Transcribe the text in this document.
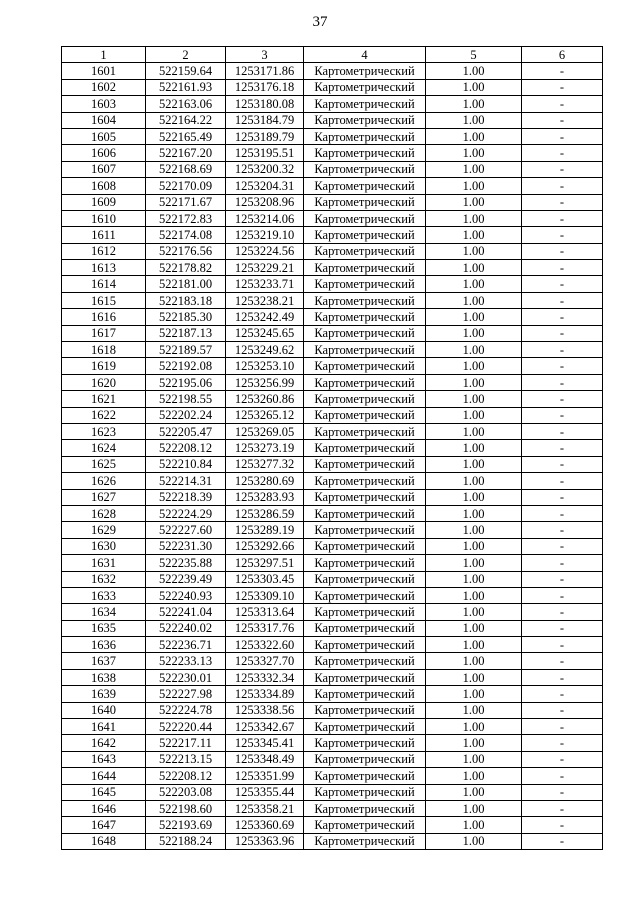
37
1	2	3	4	5	6
1601	522159.64	1253171.86	Картометрический	1.00	-
1602	522161.93	1253176.18	Картометрический	1.00	-
1603	522163.06	1253180.08	Картометрический	1.00	-
1604	522164.22	1253184.79	Картометрический	1.00	-
1605	522165.49	1253189.79	Картометрический	1.00	-
1606	522167.20	1253195.51	Картометрический	1.00	-
1607	522168.69	1253200.32	Картометрический	1.00	-
1608	522170.09	1253204.31	Картометрический	1.00	-
1609	522171.67	1253208.96	Картометрический	1.00	-
1610	522172.83	1253214.06	Картометрический	1.00	-
1611	522174.08	1253219.10	Картометрический	1.00	-
1612	522176.56	1253224.56	Картометрический	1.00	-
1613	522178.82	1253229.21	Картометрический	1.00	-
1614	522181.00	1253233.71	Картометрический	1.00	-
1615	522183.18	1253238.21	Картометрический	1.00	-
1616	522185.30	1253242.49	Картометрический	1.00	-
1617	522187.13	1253245.65	Картометрический	1.00	-
1618	522189.57	1253249.62	Картометрический	1.00	-
1619	522192.08	1253253.10	Картометрический	1.00	-
1620	522195.06	1253256.99	Картометрический	1.00	-
1621	522198.55	1253260.86	Картометрический	1.00	-
1622	522202.24	1253265.12	Картометрический	1.00	-
1623	522205.47	1253269.05	Картометрический	1.00	-
1624	522208.12	1253273.19	Картометрический	1.00	-
1625	522210.84	1253277.32	Картометрический	1.00	-
1626	522214.31	1253280.69	Картометрический	1.00	-
1627	522218.39	1253283.93	Картометрический	1.00	-
1628	522224.29	1253286.59	Картометрический	1.00	-
1629	522227.60	1253289.19	Картометрический	1.00	-
1630	522231.30	1253292.66	Картометрический	1.00	-
1631	522235.88	1253297.51	Картометрический	1.00	-
1632	522239.49	1253303.45	Картометрический	1.00	-
1633	522240.93	1253309.10	Картометрический	1.00	-
1634	522241.04	1253313.64	Картометрический	1.00	-
1635	522240.02	1253317.76	Картометрический	1.00	-
1636	522236.71	1253322.60	Картометрический	1.00	-
1637	522233.13	1253327.70	Картометрический	1.00	-
1638	522230.01	1253332.34	Картометрический	1.00	-
1639	522227.98	1253334.89	Картометрический	1.00	-
1640	522224.78	1253338.56	Картометрический	1.00	-
1641	522220.44	1253342.67	Картометрический	1.00	-
1642	522217.11	1253345.41	Картометрический	1.00	-
1643	522213.15	1253348.49	Картометрический	1.00	-
1644	522208.12	1253351.99	Картометрический	1.00	-
1645	522203.08	1253355.44	Картометрический	1.00	-
1646	522198.60	1253358.21	Картометрический	1.00	-
1647	522193.69	1253360.69	Картометрический	1.00	-
1648	522188.24	1253363.96	Картометрический	1.00	-
